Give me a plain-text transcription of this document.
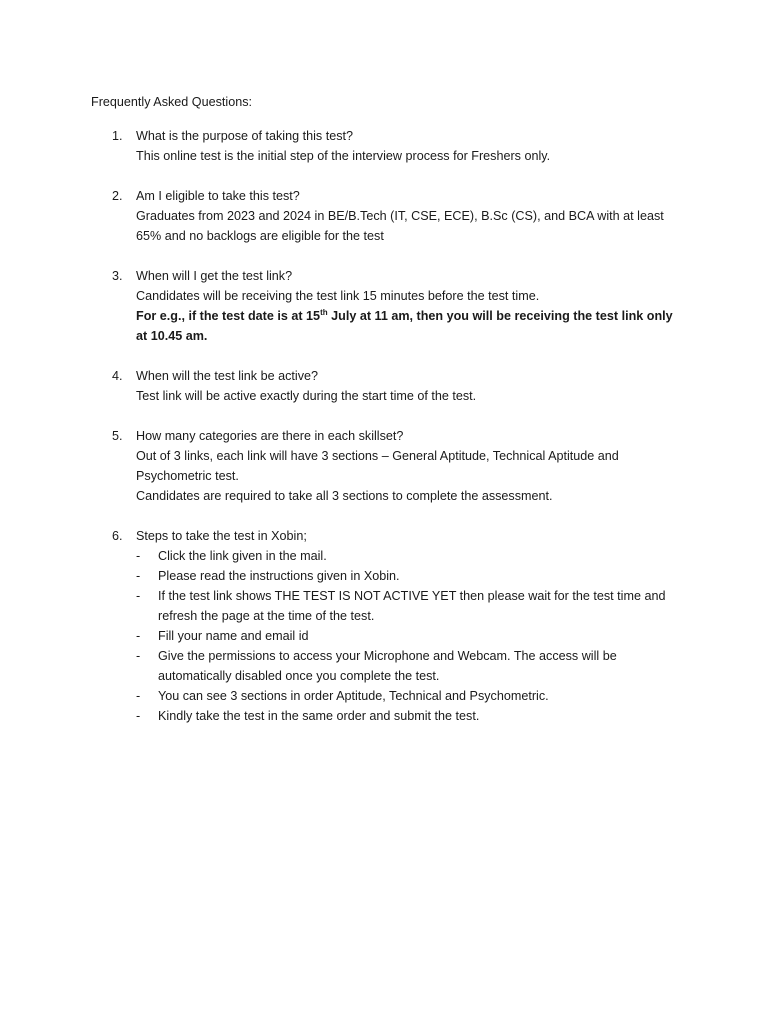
Frequently Asked Questions:
1. What is the purpose of taking this test?

This online test is the initial step of the interview process for Freshers only.

2. Am I eligible to take this test?

Graduates from 2023 and 2024 in BE/B.Tech (IT, CSE, ECE), B.Sc (CS), and BCA with at least 65% and no backlogs are eligible for the test

3. When will I get the test link?

Candidates will be receiving the test link 15 minutes before the test time.

For e.g., if the test date is at 15th July at 11 am, then you will be receiving the test link only at 10.45 am.

4. When will the test link be active?

Test link will be active exactly during the start time of the test.

5. How many categories are there in each skillset?

Out of 3 links, each link will have 3 sections – General Aptitude, Technical Aptitude and Psychometric test.

Candidates are required to take all 3 sections to complete the assessment.

6. Steps to take the test in Xobin;

- Click the link given in the mail.
- Please read the instructions given in Xobin.
- If the test link shows THE TEST IS NOT ACTIVE YET then please wait for the test time and refresh the page at the time of the test.
- Fill your name and email id
- Give the permissions to access your Microphone and Webcam. The access will be automatically disabled once you complete the test.
- You can see 3 sections in order Aptitude, Technical and Psychometric.
- Kindly take the test in the same order and submit the test.
